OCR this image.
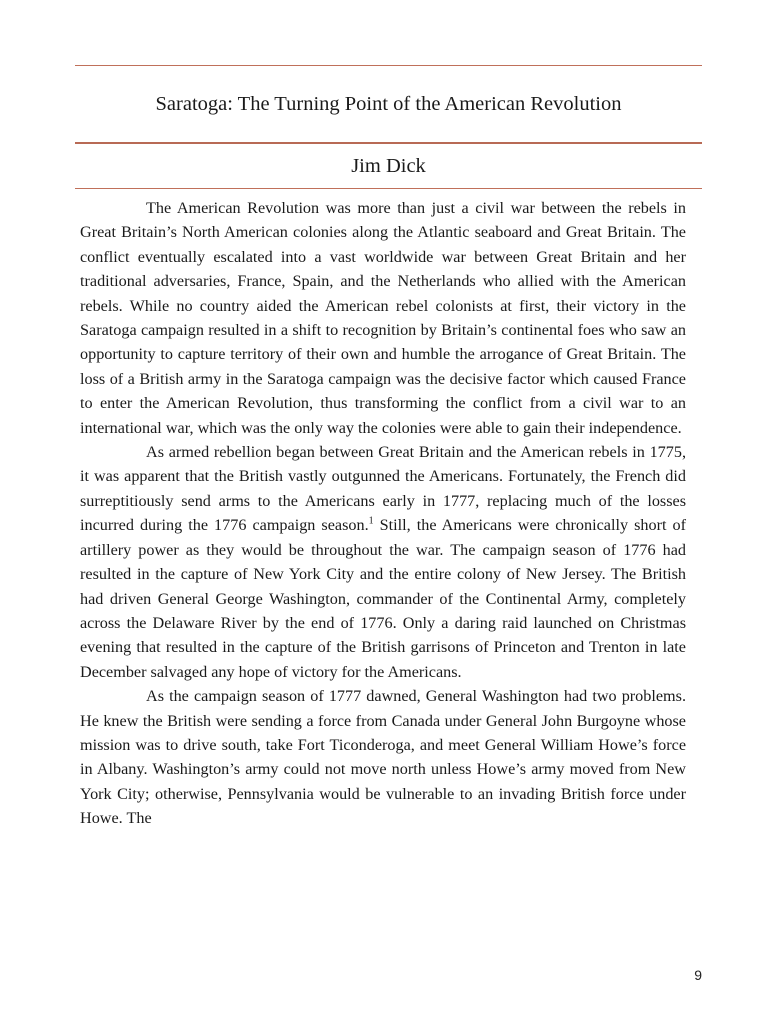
Saratoga: The Turning Point of the American Revolution
Jim Dick

The American Revolution was more than just a civil war between the rebels in Great Britain’s North American colonies along the Atlantic seaboard and Great Britain. The conflict eventually escalated into a vast worldwide war between Great Britain and her traditional adversaries, France, Spain, and the Netherlands who allied with the American rebels. While no country aided the American rebel colonists at first, their victory in the Saratoga campaign resulted in a shift to recognition by Britain’s continental foes who saw an opportunity to capture territory of their own and humble the arrogance of Great Britain. The loss of a British army in the Saratoga campaign was the decisive factor which caused France to enter the American Revolution, thus transforming the conflict from a civil war to an international war, which was the only way the colonies were able to gain their independence.

As armed rebellion began between Great Britain and the American rebels in 1775, it was apparent that the British vastly outgunned the Americans. Fortunately, the French did surreptitiously send arms to the Americans early in 1777, replacing much of the losses incurred during the 1776 campaign season.$^1$ Still, the Americans were chronically short of artillery power as they would be throughout the war. The campaign season of 1776 had resulted in the capture of New York City and the entire colony of New Jersey. The British had driven General George Washington, commander of the Continental Army, completely across the Delaware River by the end of 1776. Only a daring raid launched on Christmas evening that resulted in the capture of the British garrisons of Princeton and Trenton in late December salvaged any hope of victory for the Americans.

As the campaign season of 1777 dawned, General Washington had two problems. He knew the British were sending a force from Canada under General John Burgoyne whose mission was to drive south, take Fort Ticonderoga, and meet General William Howe’s force in Albany. Washington’s army could not move north unless Howe’s army moved from New York City; otherwise, Pennsylvania would be vulnerable to an invading British force under Howe. The

9
